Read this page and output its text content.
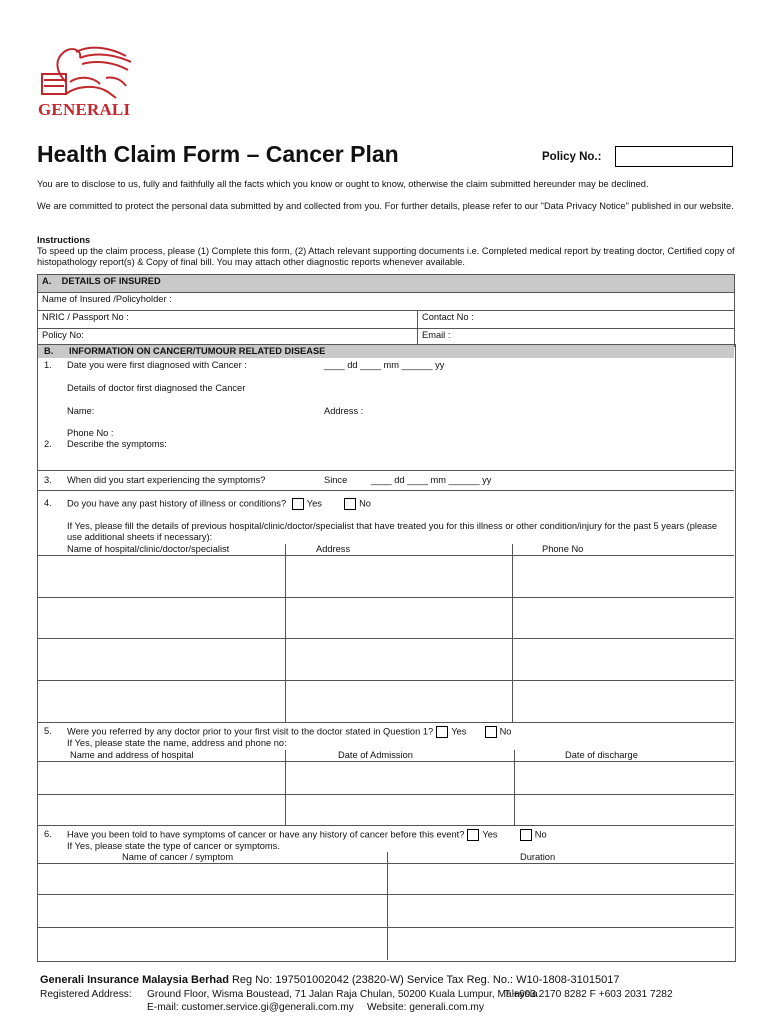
GENERALI
Health Claim Form – Cancer Plan	Policy No.:
You are to disclose to us, fully and faithfully all the facts which you know or ought to know, otherwise the claim submitted hereunder may be declined.
We are committed to protect the personal data submitted by and collected from you. For further details, please refer to our "Data Privacy Notice" published in our website.
Instructions
To speed up the claim process, please (1) Complete this form, (2) Attach relevant supporting documents i.e. Completed medical report by treating doctor, Certified copy of histopathology report(s) & Copy of final bill. You may attach other diagnostic reports whenever available.
A. DETAILS OF INSURED	
Name of Insured /Policyholder :	
NRIC / Passport No :	Contact No :
Policy No:	Email :
B. INFORMATION ON CANCER/TUMOUR RELATED DISEASE
1. Date you were first diagnosed with Cancer :	____ dd ____ mm ______ yy
Details of doctor first diagnosed the Cancer
Name:	Address :
Phone No :
2. Describe the symptoms:
3. When did you start experiencing the symptoms?	Since	____ dd ____ mm ______ yy
4. Do you have any past history of illness or conditions? Yes	No
If Yes, please fill the details of previous hospital/clinic/doctor/specialist that have treated you for this illness or other condition/injury for the past 5 years (please use additional sheets if necessary):
Name of hospital/clinic/doctor/specialist	Address	Phone No
5. Were you referred by any doctor prior to your first visit to the doctor stated in Question 1? Yes	No
If Yes, please state the name, address and phone no:
Name and address of hospital	Date of Admission	Date of discharge
6. Have you been told to have symptoms of cancer or have any history of cancer before this event? Yes	No
If Yes, please state the type of cancer or symptoms.
Name of cancer / symptom	Duration
Generali Insurance Malaysia Berhad Reg No: 197501002042 (23820-W) Service Tax Reg. No.: W10-1808-31015017
Registered Address: Ground Floor, Wisma Boustead, 71 Jalan Raja Chulan, 50200 Kuala Lumpur, Malaysia
T +603 2170 8282 F +603 2031 7282
E-mail: customer.service.gi@generali.com.my Website: generali.com.my
